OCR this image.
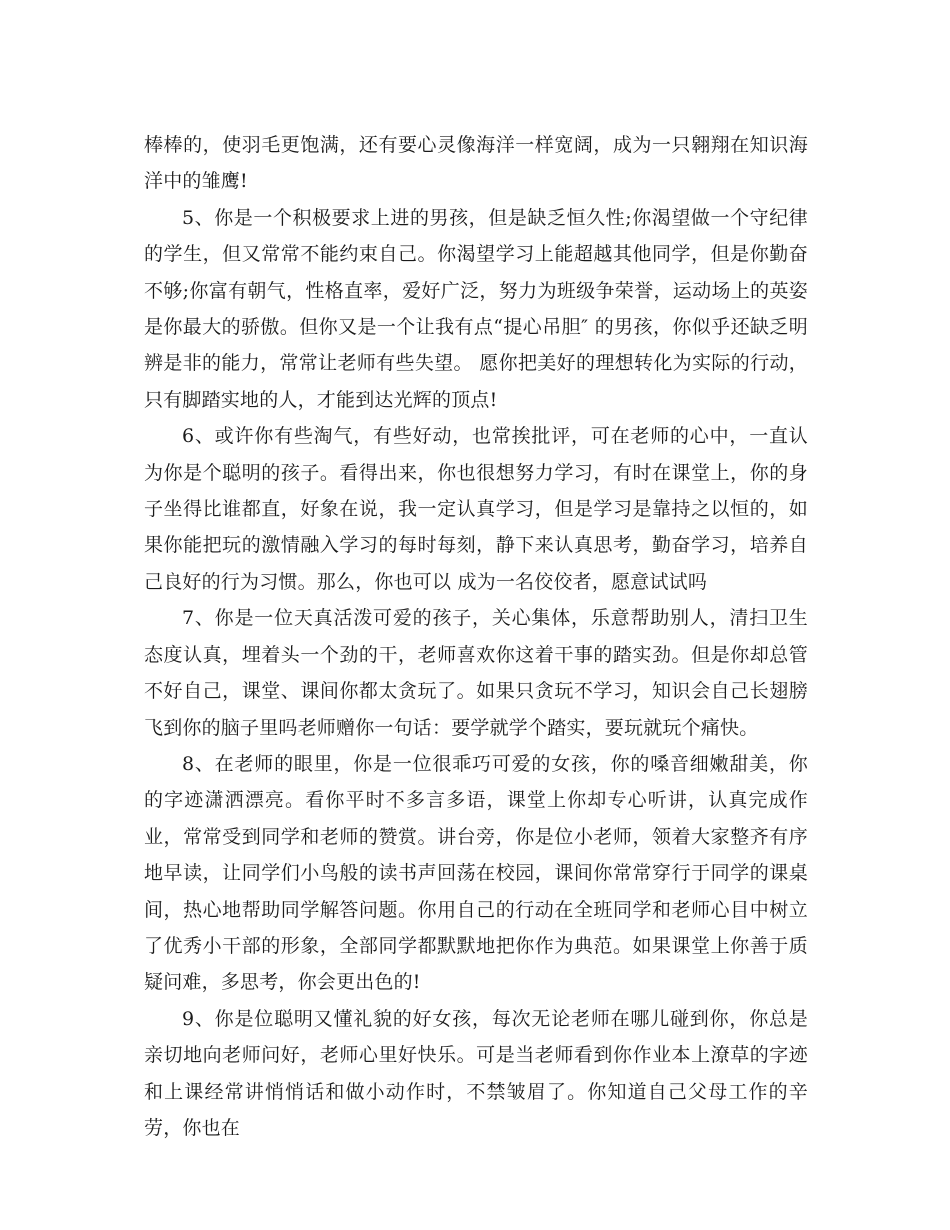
棒棒的，使羽毛更饱满，还有要心灵像海洋一样宽阔，成为一只翱翔在知识海洋中的雏鹰!

5、你是一个积极要求上进的男孩，但是缺乏恒久性;你渴望做一个守纪律的学生，但又常常不能约束自己。你渴望学习上能超越其他同学，但是你勤奋不够;你富有朝气，性格直率，爱好广泛，努力为班级争荣誉，运动场上的英姿是你最大的骄傲。但你又是一个让我有点“提心吊胆″ 的男孩，你似乎还缺乏明辨是非的能力，常常让老师有些失望。 愿你把美好的理想转化为实际的行动，只有脚踏实地的人，才能到达光辉的顶点!

6、或许你有些淘气，有些好动，也常挨批评，可在老师的心中，一直认为你是个聪明的孩子。看得出来，你也很想努力学习，有时在课堂上，你的身子坐得比谁都直，好象在说，我一定认真学习，但是学习是靠持之以恒的，如果你能把玩的激情融入学习的每时每刻，静下来认真思考，勤奋学习，培养自己良好的行为习惯。那么，你也可以 成为一名佼佼者，愿意试试吗

7、你是一位天真活泼可爱的孩子，关心集体，乐意帮助别人，清扫卫生态度认真，埋着头一个劲的干，老师喜欢你这着干事的踏实劲。但是你却总管不好自己，课堂、课间你都太贪玩了。如果只贪玩不学习，知识会自己长翅膀飞到你的脑子里吗老师赠你一句话：要学就学个踏实，要玩就玩个痛快。

8、在老师的眼里，你是一位很乖巧可爱的女孩，你的嗓音细嫩甜美，你的字迹潇洒漂亮。看你平时不多言多语，课堂上你却专心听讲，认真完成作业，常常受到同学和老师的赞赏。讲台旁，你是位小老师，领着大家整齐有序地早读，让同学们小鸟般的读书声回荡在校园，课间你常常穿行于同学的课桌间，热心地帮助同学解答问题。你用自己的行动在全班同学和老师心目中树立了优秀小干部的形象，全部同学都默默地把你作为典范。如果课堂上你善于质疑问难，多思考，你会更出色的!

9、你是位聪明又懂礼貌的好女孩，每次无论老师在哪儿碰到你，你总是亲切地向老师问好，老师心里好快乐。可是当老师看到你作业本上潦草的字迹和上课经常讲悄悄话和做小动作时，不禁皱眉了。你知道自己父母工作的辛劳，你也在
